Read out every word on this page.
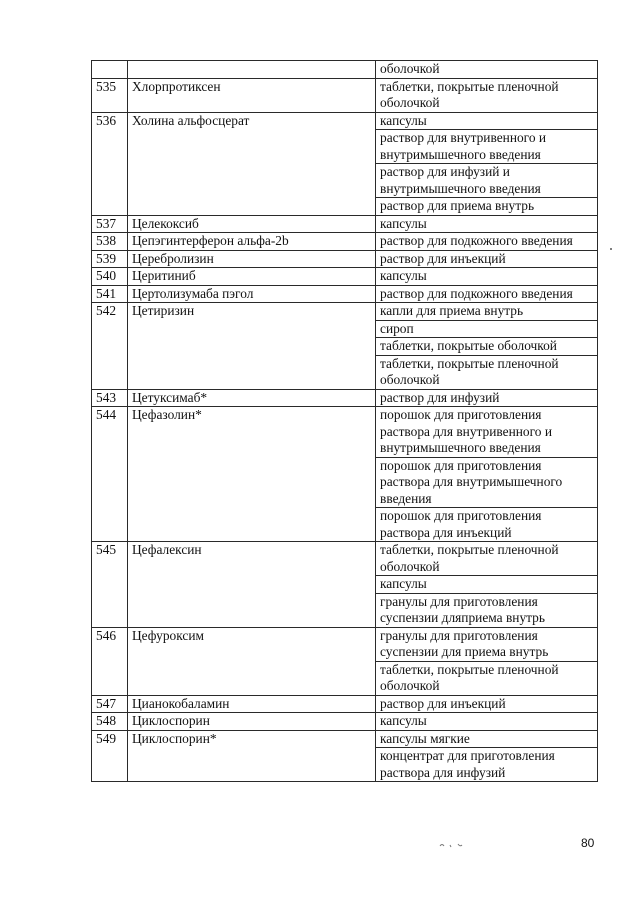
		оболочкой
535	Хлорпротиксен	таблетки, покрытые пленочной оболочкой
536	Холина альфосцерат	капсулы
		раствор для внутривенного и внутримышечного введения
		раствор для инфузий и внутримышечного введения
		раствор для приема внутрь
537	Целекоксиб	капсулы
538	Цепэгинтерферон альфа-2b	раствор для подкожного введения
539	Церебролизин	раствор для инъекций
540	Церитиниб	капсулы
541	Цертолизумаба пэгол	раствор для подкожного введения
542	Цетиризин	капли для приема внутрь
		сироп
		таблетки, покрытые оболочкой
		таблетки, покрытые пленочной оболочкой
543	Цетуксимаб*	раствор для инфузий
544	Цефазолин*	порошок для приготовления раствора для внутривенного и внутримышечного введения
		порошок для приготовления раствора для внутримышечного введения
		порошок для приготовления раствора для инъекций
545	Цефалексин	таблетки, покрытые пленочной оболочкой
		капсулы
		гранулы для приготовления суспензии дляприема внутрь
546	Цефуроксим	гранулы для приготовления суспензии для приема внутрь
		таблетки, покрытые пленочной оболочкой
547	Цианокобаламин	раствор для инъекций
548	Циклоспорин	капсулы
549	Циклоспорин*	капсулы мягкие
		концентрат для приготовления раствора для инфузий
80
